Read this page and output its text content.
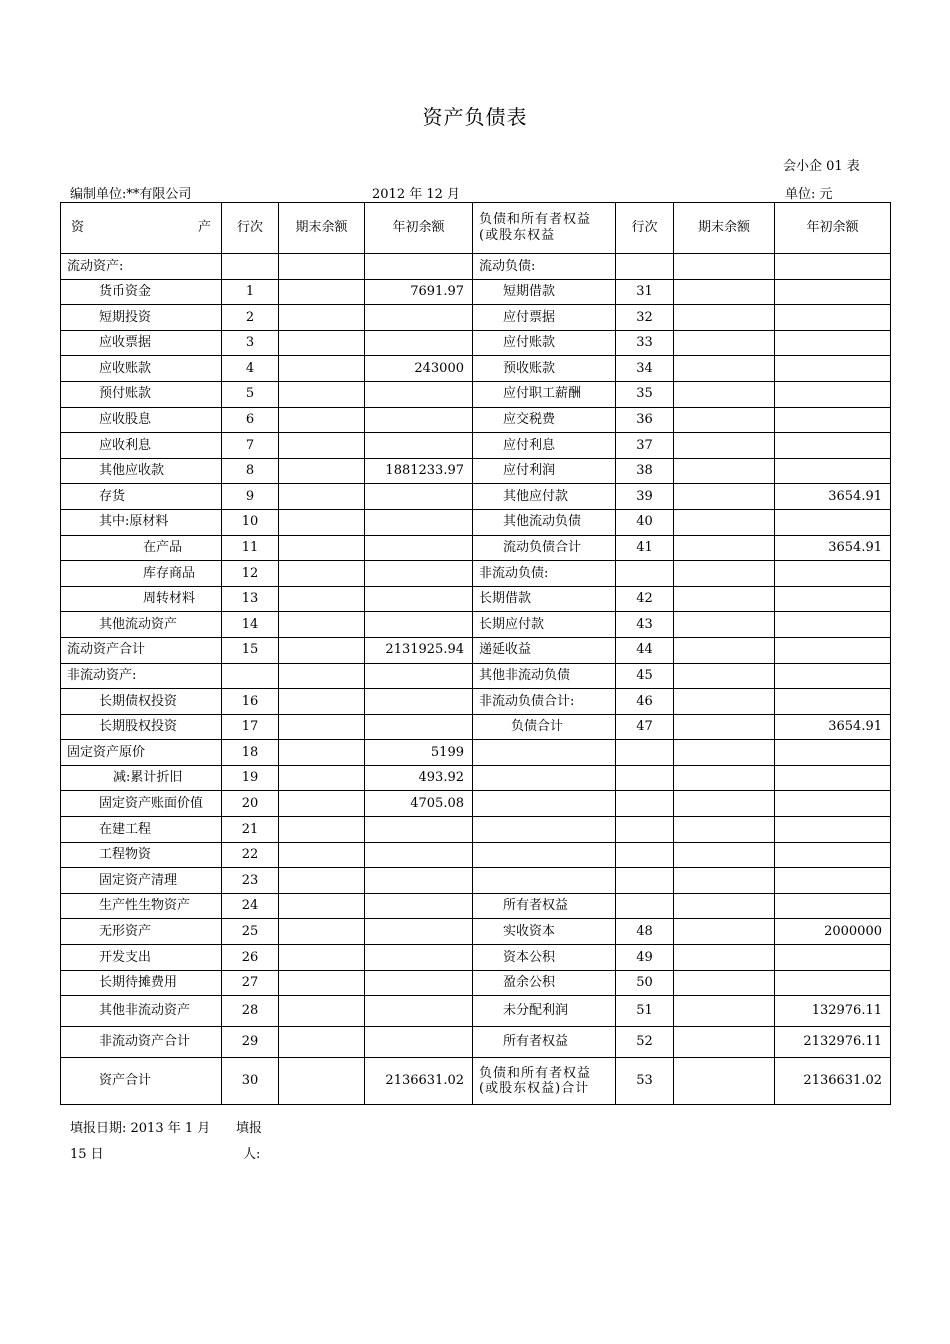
资产负债表
会小企 01 表
编制单位:**有限公司	2012 年 12 月	单位: 元
资 产	行次	期末余额	年初余额	负债和所有者权益(或股东权益	行次	期末余额	年初余额
流动资产:				流动负债:			
货币资金	1		7691.97	短期借款	31		
短期投资	2			应付票据	32		
应收票据	3			应付账款	33		
应收账款	4		243000	预收账款	34		
预付账款	5			应付职工薪酬	35		
应收股息	6			应交税费	36		
应收利息	7			应付利息	37		
其他应收款	8		1881233.97	应付利润	38		
存货	9			其他应付款	39		3654.91
其中:原材料	10			其他流动负债	40		
在产品	11			流动负债合计	41		3654.91
库存商品	12			非流动负债:			
周转材料	13			长期借款	42		
其他流动资产	14			长期应付款	43		
流动资产合计	15		2131925.94	递延收益	44		
非流动资产:				其他非流动负债	45		
长期债权投资	16			非流动负债合计:	46		
长期股权投资	17			负债合计	47		3654.91
固定资产原价	18		5199				
减:累计折旧	19		493.92				
固定资产账面价值	20		4705.08				
在建工程	21						
工程物资	22						
固定资产清理	23						
生产性生物资产	24			所有者权益			
无形资产	25			实收资本	48		2000000
开发支出	26			资本公积	49		
长期待摊费用	27			盈余公积	50		
其他非流动资产	28			未分配利润	51		132976.11
非流动资产合计	29			所有者权益	52		2132976.11
资产合计	30		2136631.02	负债和所有者权益(或股东权益)合计	53		2136631.02
填报日期: 2013 年 1 月 填报
15 日	人:
